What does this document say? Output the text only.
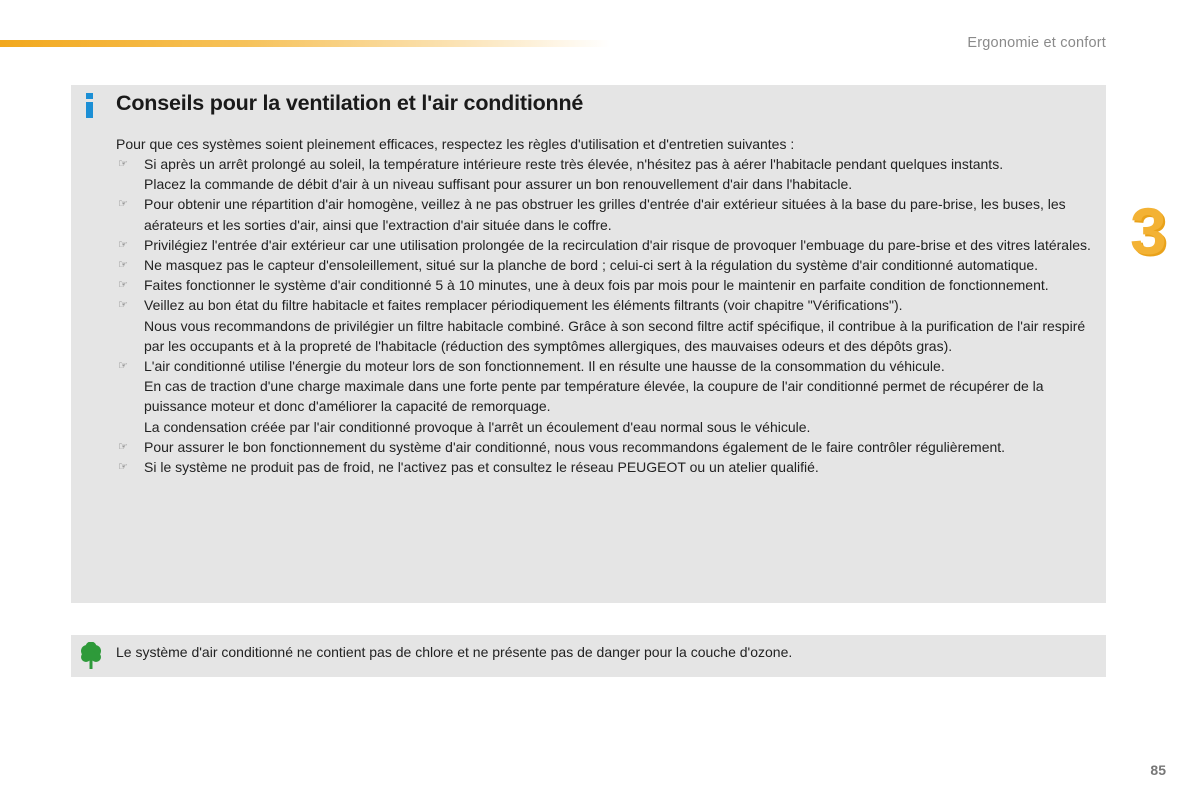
Ergonomie et confort
3
Conseils pour la ventilation et l'air conditionné
Pour que ces systèmes soient pleinement efficaces, respectez les règles d'utilisation et d'entretien suivantes :
☞ Si après un arrêt prolongé au soleil, la température intérieure reste très élevée, n'hésitez pas à aérer l'habitacle pendant quelques instants.

Placez la commande de débit d'air à un niveau suffisant pour assurer un bon renouvellement d'air dans l'habitacle.

☞ Pour obtenir une répartition d'air homogène, veillez à ne pas obstruer les grilles d'entrée d'air extérieur situées à la base du pare-brise, les buses, les aérateurs et les sorties d'air, ainsi que l'extraction d'air située dans le coffre.

☞ Privilégiez l'entrée d'air extérieur car une utilisation prolongée de la recirculation d'air risque de provoquer l'embuage du pare-brise et des vitres latérales.

☞ Ne masquez pas le capteur d'ensoleillement, situé sur la planche de bord ; celui-ci sert à la régulation du système d'air conditionné automatique.

☞ Faites fonctionner le système d'air conditionné 5 à 10 minutes, une à deux fois par mois pour le maintenir en parfaite condition de fonctionnement.

☞ Veillez au bon état du filtre habitacle et faites remplacer périodiquement les éléments filtrants (voir chapitre "Vérifications").

Nous vous recommandons de privilégier un filtre habitacle combiné. Grâce à son second filtre actif spécifique, il contribue à la purification de l'air respiré par les occupants et à la propreté de l'habitacle (réduction des symptômes allergiques, des mauvaises odeurs et des dépôts gras).

☞ L'air conditionné utilise l'énergie du moteur lors de son fonctionnement. Il en résulte une hausse de la consommation du véhicule.

En cas de traction d'une charge maximale dans une forte pente par température élevée, la coupure de l'air conditionné permet de récupérer de la puissance moteur et donc d'améliorer la capacité de remorquage.

La condensation créée par l'air conditionné provoque à l'arrêt un écoulement d'eau normal sous le véhicule.

☞ Pour assurer le bon fonctionnement du système d'air conditionné, nous vous recommandons également de le faire contrôler régulièrement.

☞ Si le système ne produit pas de froid, ne l'activez pas et consultez le réseau PEUGEOT ou un atelier qualifié.

Le système d'air conditionné ne contient pas de chlore et ne présente pas de danger pour la couche d'ozone.
85
